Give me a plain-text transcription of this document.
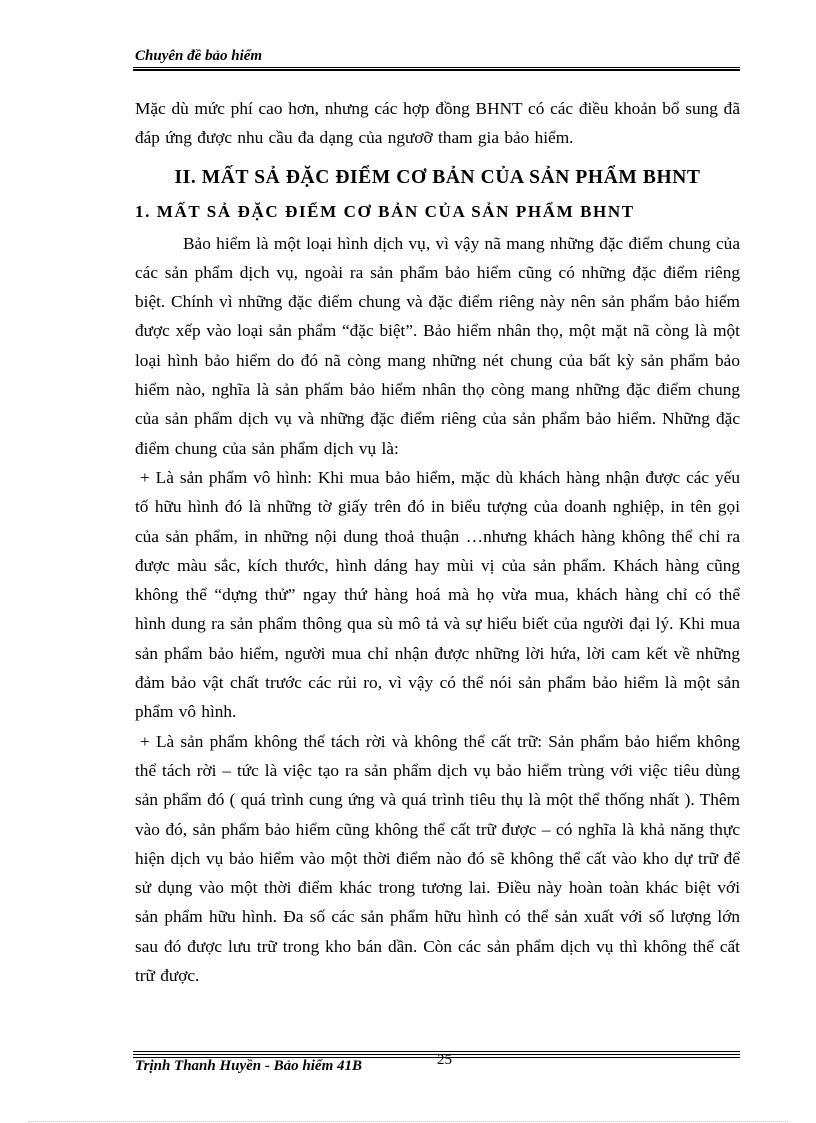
Chuyên đề bảo hiểm

Mặc dù mức phí cao hơn, nhưng các hợp đồng BHNT có các điều khoản bổ sung đã đáp ứng được nhu cầu đa dạng của ngươỡ tham gia bảo hiểm.

II. MẤT SẢ ĐẶC ĐIỂM CƠ BẢN CỦA SẢN PHẨM BHNT
1. MẤT SẢ ĐẶC ĐIỂM CƠ BẢN CỦA SẢN PHẨM BHNT

Bảo hiểm là một loại hình dịch vụ, vì vậy nã mang những đặc điểm chung của các sản phẩm dịch vụ, ngoài ra sản phẩm bảo hiểm cũng có những đặc điểm riêng biệt. Chính vì những đặc điểm chung và đặc điểm riêng này nên sản phẩm bảo hiểm được xếp vào loại sản phẩm “đặc biệt”. Bảo hiểm nhân thọ, một mặt nã còng là một loại hình bảo hiểm do đó nã còng mang những nét chung của bất kỳ sản phẩm bảo hiểm nào, nghĩa là sản phẩm bảo hiểm nhân thọ còng mang những đặc điểm chung của sản phẩm dịch vụ và những đặc điểm riêng của sản phẩm bảo hiểm. Những đặc điểm chung của sản phẩm dịch vụ là:

+ Là sản phẩm vô hình: Khi mua bảo hiểm, mặc dù khách hàng nhận được các yếu tố hữu hình đó là những tờ giấy trên đó in biểu tượng của doanh nghiệp, in tên gọi của sản phẩm, in những nội dung thoả thuận …nhưng khách hàng không thể chỉ ra được màu sắc, kích thước, hình dáng hay mùi vị của sản phẩm. Khách hàng cũng không thể “dựng thử” ngay thứ hàng hoá mà họ vừa mua, khách hàng chỉ có thể hình dung ra sản phẩm thông qua sù mô tả và sự hiểu biết của người đại lý. Khi mua sản phẩm bảo hiểm, người mua chỉ nhận được những lời hứa, lời cam kết về những đảm bảo vật chất trước các rủi ro, vì vậy có thể nói sản phẩm bảo hiểm là một sản phẩm vô hình.

+ Là sản phẩm không thể tách rời và không thể cất trữ: Sản phẩm bảo hiểm không thể tách rời – tức là việc tạo ra sản phẩm dịch vụ bảo hiểm trùng với việc tiêu dùng sản phẩm đó ( quá trình cung ứng và quá trình tiêu thụ là một thể thống nhất ). Thêm vào đó, sản phẩm bảo hiểm cũng không thể cất trữ được – có nghĩa là khả năng thực hiện dịch vụ bảo hiểm vào một thời điểm nào đó sẽ không thể cất vào kho dự trữ để sử dụng vào một thời điểm khác trong tương lai. Điều này hoàn toàn khác biệt với sản phẩm hữu hình. Đa số các sản phẩm hữu hình có thể sản xuất với số lượng lớn sau đó được lưu trữ trong kho bán dần. Còn các sản phẩm dịch vụ thì không thể cất trữ được.

Trịnh Thanh Huyền - Bảo hiểm 41B	25
